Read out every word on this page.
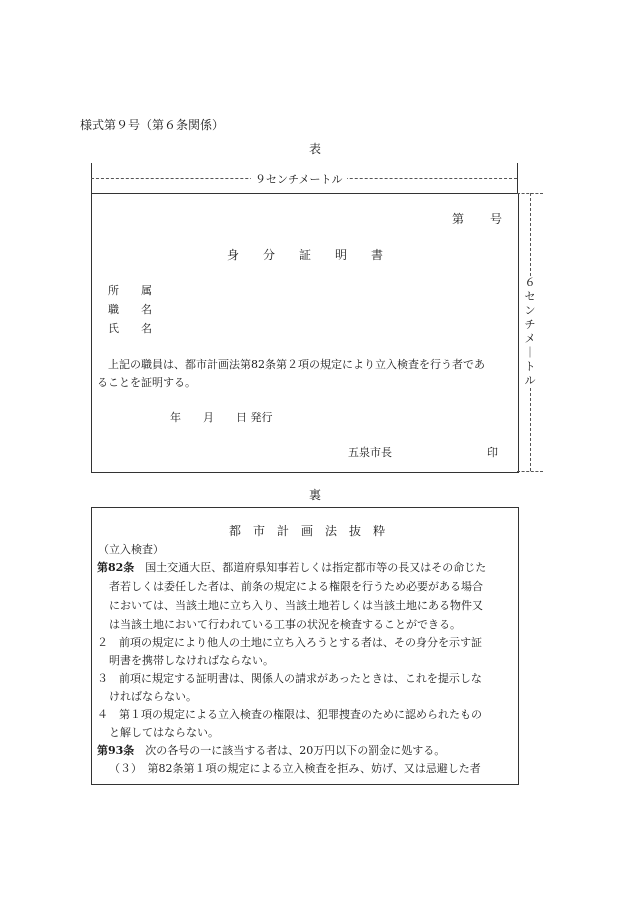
様式第９号（第６条関係）
表
９センチメートル
６
セ
ン
チ
メ
｜
ト
ル
第 号
身　　分　　証　　明　　書
所　　属
職　　名
氏　　名
上記の職員は、都市計画法第82条第２項の規定により立入検査を行う者であ
ることを証明する。
年　　月　　日 発行
五泉市長	印
裏
都　市　計　画　法　抜　粋
（立入検査）
第82条　国土交通大臣、都道府県知事若しくは指定都市等の長又はその命じた
者若しくは委任した者は、前条の規定による権限を行うため必要がある場合
においては、当該土地に立ち入り、当該土地若しくは当該土地にある物件又
は当該土地において行われている工事の状況を検査することができる。
２　前項の規定により他人の土地に立ち入ろうとする者は、その身分を示す証
明書を携帯しなければならない。
３　前項に規定する証明書は、関係人の請求があったときは、これを提示しな
ければならない。
４　第１項の規定による立入検査の権限は、犯罪捜査のために認められたもの
と解してはならない。
第93条　次の各号の一に該当する者は、20万円以下の罰金に処する。
（３）　第82条第１項の規定による立入検査を拒み、妨げ、又は忌避した者
